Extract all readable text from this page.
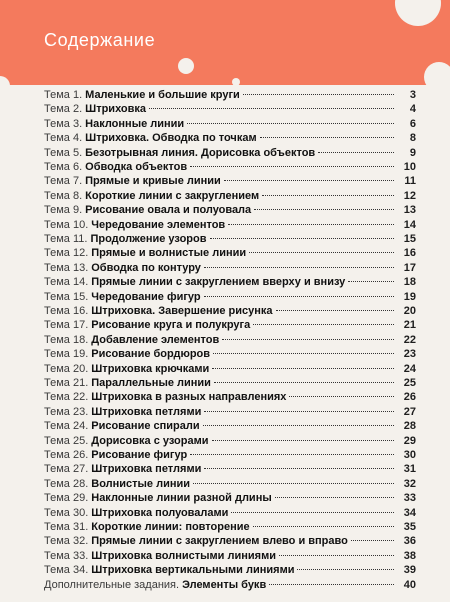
Содержание
Тема 1. Маленькие и большие круги	3
Тема 2. Штриховка	4
Тема 3. Наклонные линии	6
Тема 4. Штриховка. Обводка по точкам	8
Тема 5. Безотрывная линия. Дорисовка объектов	9
Тема 6. Обводка объектов	10
Тема 7. Прямые и кривые линии	11
Тема 8. Короткие линии с закруглением	12
Тема 9. Рисование овала и полуовала	13
Тема 10. Чередование элементов	14
Тема 11. Продолжение узоров	15
Тема 12. Прямые и волнистые линии	16
Тема 13. Обводка по контуру	17
Тема 14. Прямые линии с закруглением вверху и внизу	18
Тема 15. Чередование фигур	19
Тема 16. Штриховка. Завершение рисунка	20
Тема 17. Рисование круга и полукруга	21
Тема 18. Добавление элементов	22
Тема 19. Рисование бордюров	23
Тема 20. Штриховка крючками	24
Тема 21. Параллельные линии	25
Тема 22. Штриховка в разных направлениях	26
Тема 23. Штриховка петлями	27
Тема 24. Рисование спирали	28
Тема 25. Дорисовка с узорами	29
Тема 26. Рисование фигур	30
Тема 27. Штриховка петлями	31
Тема 28. Волнистые линии	32
Тема 29. Наклонные линии разной длины	33
Тема 30. Штриховка полуовалами	34
Тема 31. Короткие линии: повторение	35
Тема 32. Прямые линии с закруглением влево и вправо	36
Тема 33. Штриховка волнистыми линиями	38
Тема 34. Штриховка вертикальными линиями	39
Дополнительные задания. Элементы букв	40
